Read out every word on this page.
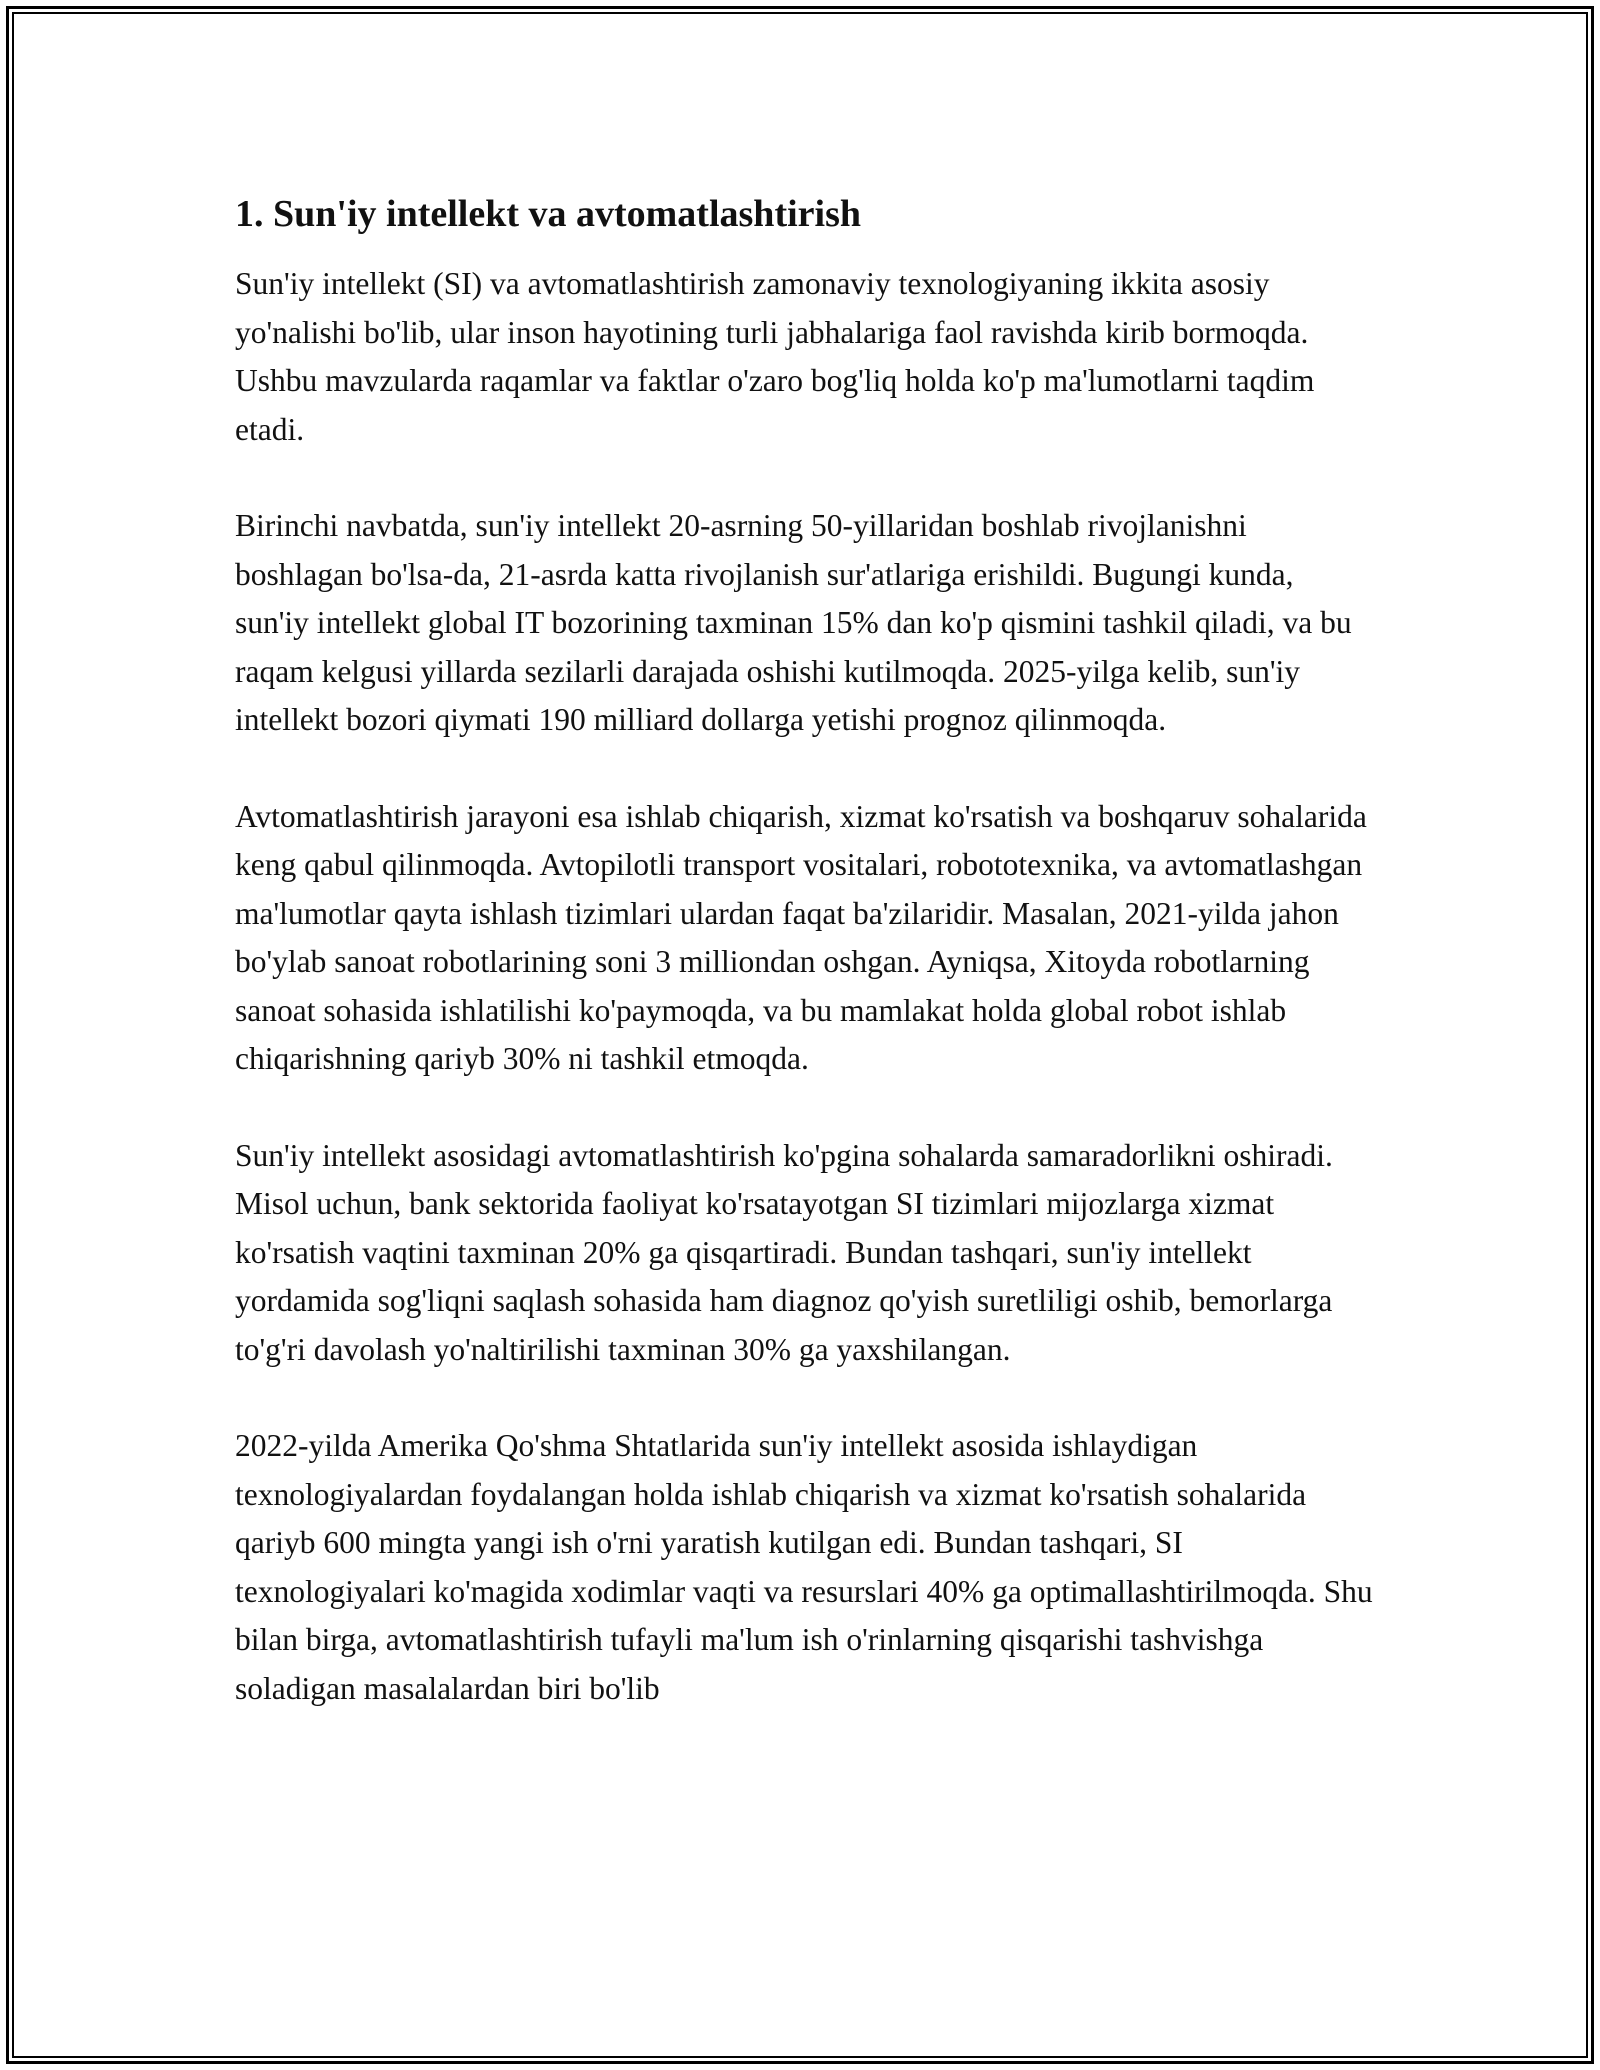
1. Sun'iy intellekt va avtomatlashtirish

Sun'iy intellekt (SI) va avtomatlashtirish zamonaviy texnologiyaning ikkita asosiy yo'nalishi bo'lib, ular inson hayotining turli jabhalariga faol ravishda kirib bormoqda. Ushbu mavzularda raqamlar va faktlar o'zaro bog'liq holda ko'p ma'lumotlarni taqdim etadi.

Birinchi navbatda, sun'iy intellekt 20-asrning 50-yillaridan boshlab rivojlanishni boshlagan bo'lsa-da, 21-asrda katta rivojlanish sur'atlariga erishildi. Bugungi kunda, sun'iy intellekt global IT bozorining taxminan 15% dan ko'p qismini tashkil qiladi, va bu raqam kelgusi yillarda sezilarli darajada oshishi kutilmoqda. 2025-yilga kelib, sun'iy intellekt bozori qiymati 190 milliard dollarga yetishi prognoz qilinmoqda.

Avtomatlashtirish jarayoni esa ishlab chiqarish, xizmat ko'rsatish va boshqaruv sohalarida keng qabul qilinmoqda. Avtopilotli transport vositalari, robototexnika, va avtomatlashgan ma'lumotlar qayta ishlash tizimlari ulardan faqat ba'zilaridir. Masalan, 2021-yilda jahon bo'ylab sanoat robotlarining soni 3 milliondan oshgan. Ayniqsa, Xitoyda robotlarning sanoat sohasida ishlatilishi ko'paymoqda, va bu mamlakat holda global robot ishlab chiqarishning qariyb 30% ni tashkil etmoqda.

Sun'iy intellekt asosidagi avtomatlashtirish ko'pgina sohalarda samaradorlikni oshiradi. Misol uchun, bank sektorida faoliyat ko'rsatayotgan SI tizimlari mijozlarga xizmat ko'rsatish vaqtini taxminan 20% ga qisqartiradi. Bundan tashqari, sun'iy intellekt yordamida sog'liqni saqlash sohasida ham diagnoz qo'yish suretliligi oshib, bemorlarga to'g'ri davolash yo'naltirilishi taxminan 30% ga yaxshilangan.

2022-yilda Amerika Qo'shma Shtatlarida sun'iy intellekt asosida ishlaydigan texnologiyalardan foydalangan holda ishlab chiqarish va xizmat ko'rsatish sohalarida qariyb 600 mingta yangi ish o'rni yaratish kutilgan edi. Bundan tashqari, SI texnologiyalari ko'magida xodimlar vaqti va resurslari 40% ga optimallashtirilmoqda. Shu bilan birga, avtomatlashtirish tufayli ma'lum ish o'rinlarning qisqarishi tashvishga soladigan masalalardan biri bo'lib
